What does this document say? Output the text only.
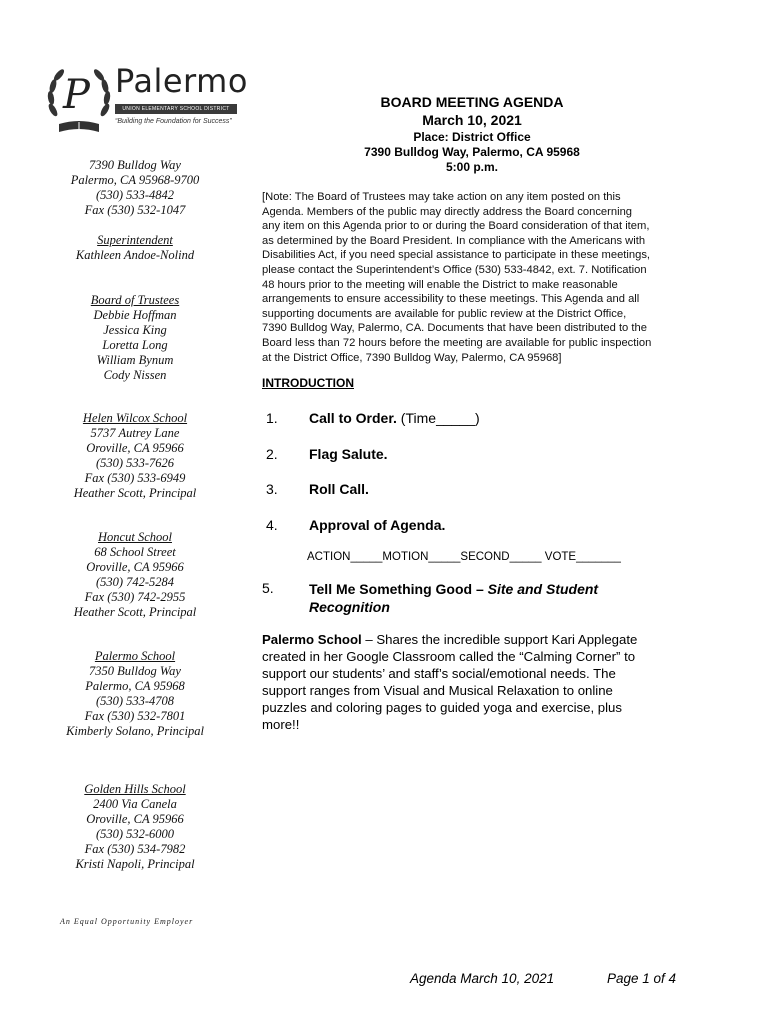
P Palermo
UNION ELEMENTARY SCHOOL DISTRICT
“Building the Foundation for Success”
7390 Bulldog Way
Palermo, CA 95968-9700
(530) 533-4842
Fax (530) 532-1047
Superintendent
Kathleen Andoe-Nolind
Board of Trustees
Debbie Hoffman
Jessica King
Loretta Long
William Bynum
Cody Nissen
Helen Wilcox School
5737 Autrey Lane
Oroville, CA 95966
(530) 533-7626
Fax (530) 533-6949
Heather Scott, Principal
Honcut School
68 School Street
Oroville, CA 95966
(530) 742-5284
Fax (530) 742-2955
Heather Scott, Principal
Palermo School
7350 Bulldog Way
Palermo, CA 95968
(530) 533-4708
Fax (530) 532-7801
Kimberly Solano, Principal
Golden Hills School
2400 Via Canela
Oroville, CA 95966
(530) 532-6000
Fax (530) 534-7982
Kristi Napoli, Principal
An Equal Opportunity Employer
BOARD MEETING AGENDA
March 10, 2021
Place: District Office
7390 Bulldog Way, Palermo, CA 95968
5:00 p.m.
[Note: The Board of Trustees may take action on any item posted on this
Agenda. Members of the public may directly address the Board concerning
any item on this Agenda prior to or during the Board consideration of that item,
as determined by the Board President. In compliance with the Americans with
Disabilities Act, if you need special assistance to participate in these meetings,
please contact the Superintendent’s Office (530) 533-4842, ext. 7. Notification
48 hours prior to the meeting will enable the District to make reasonable
arrangements to ensure accessibility to these meetings. This Agenda and all
supporting documents are available for public review at the District Office,
7390 Bulldog Way, Palermo, CA. Documents that have been distributed to the
Board less than 72 hours before the meeting are available for public inspection
at the District Office, 7390 Bulldog Way, Palermo, CA 95968]
INTRODUCTION
1. Call to Order. (Time_____)
2. Flag Salute.
3. Roll Call.
4. Approval of Agenda.
ACTION_____MOTION_____SECOND_____ VOTE_______
5.	Tell Me Something Good – Site and Student
Recognition
Palermo School – Shares the incredible support Kari Applegate
created in her Google Classroom called the “Calming Corner” to
support our students’ and staff’s social/emotional needs. The
support ranges from Visual and Musical Relaxation to online
puzzles and coloring pages to guided yoga and exercise, plus
more!!
Agenda March 10, 2021	Page 1 of 4
